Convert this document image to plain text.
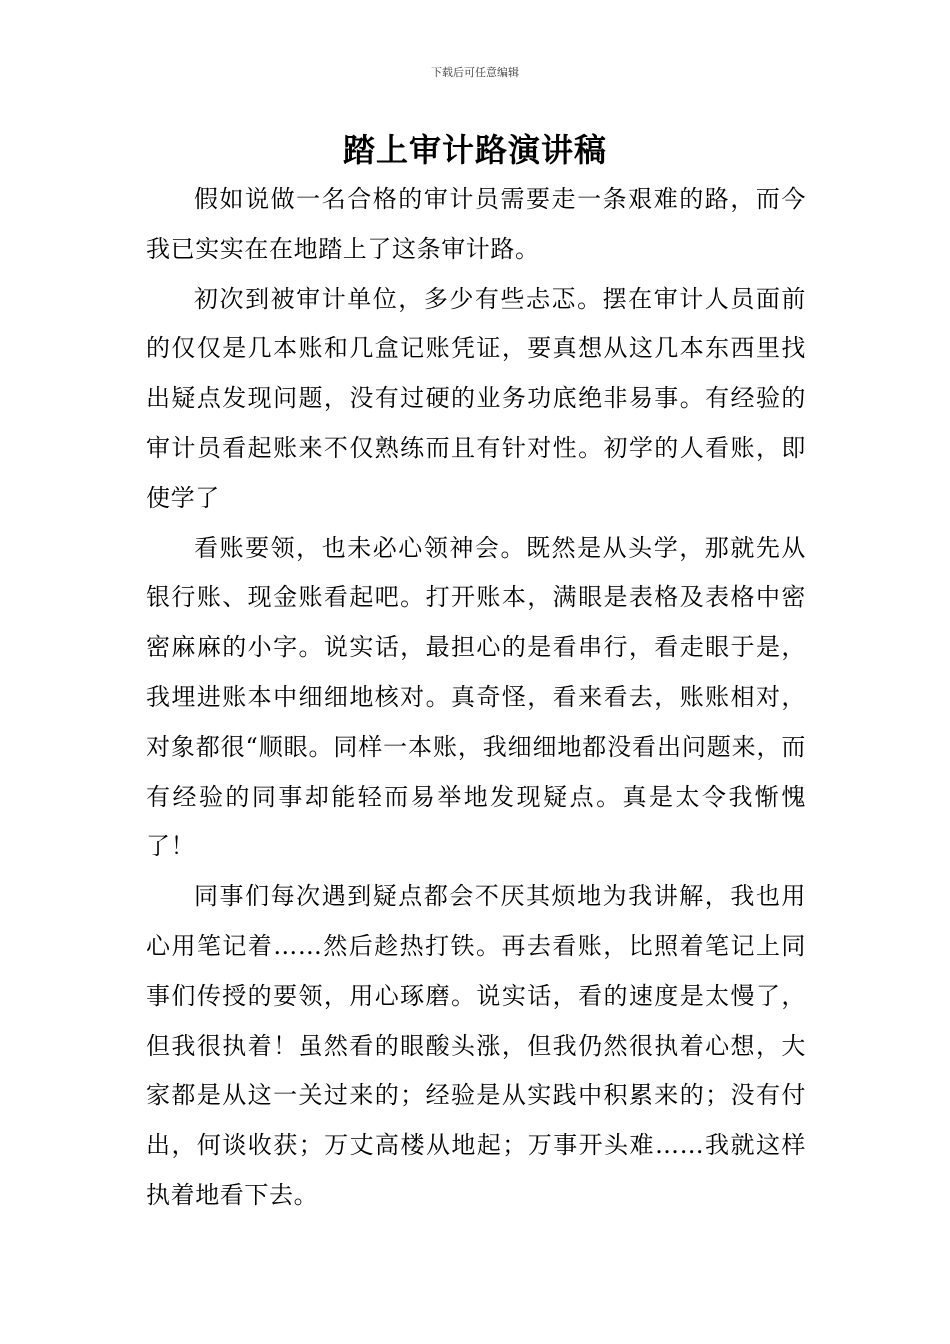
下载后可任意编辑
踏上审计路演讲稿

假如说做一名合格的审计员需要走一条艰难的路，而今我已实实在在地踏上了这条审计路。

初次到被审计单位，多少有些忐忑。摆在审计人员面前的仅仅是几本账和几盒记账凭证，要真想从这几本东西里找出疑点发现问题，没有过硬的业务功底绝非易事。有经验的审计员看起账来不仅熟练而且有针对性。初学的人看账，即使学了

看账要领，也未必心领神会。既然是从头学，那就先从银行账、现金账看起吧。打开账本，满眼是表格及表格中密密麻麻的小字。说实话，最担心的是看串行，看走眼于是，我埋进账本中细细地核对。真奇怪，看来看去，账账相对，对象都很“顺眼。同样一本账，我细细地都没看出问题来，而有经验的同事却能轻而易举地发现疑点。真是太令我惭愧了！

同事们每次遇到疑点都会不厌其烦地为我讲解，我也用心用笔记着……然后趁热打铁。再去看账，比照着笔记上同事们传授的要领，用心琢磨。说实话，看的速度是太慢了，但我很执着！虽然看的眼酸头涨，但我仍然很执着心想，大家都是从这一关过来的；经验是从实践中积累来的；没有付出，何谈收获；万丈高楼从地起；万事开头难……我就这样执着地看下去。
